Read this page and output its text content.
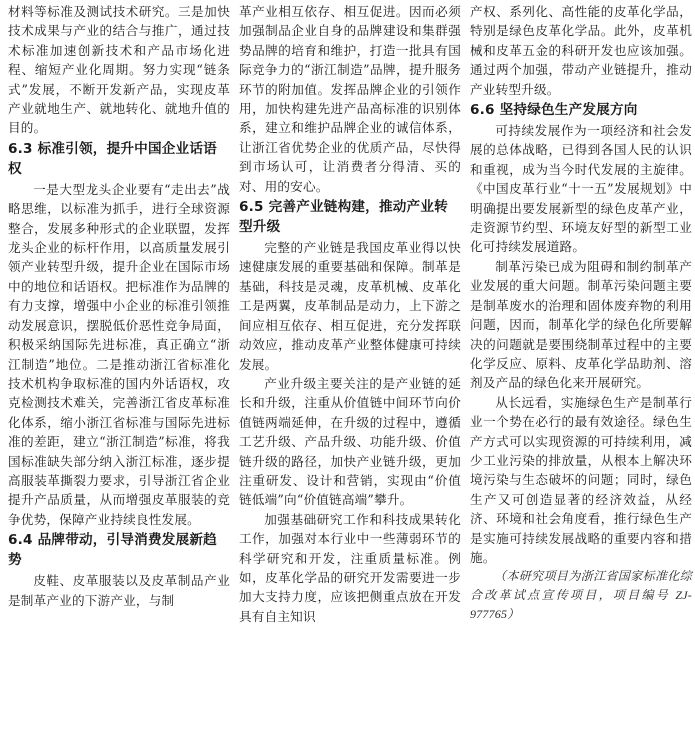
材料等标准及测试技术研究。三是加快技术成果与产业的结合与推广，通过技术标准加速创新技术和产品市场化进程、缩短产业化周期。努力实现“链条式”发展，不断开发新产品，实现皮革产业就地生产、就地转化、就地升值的目的。

6.3 标准引领，提升中国企业话语权

一是大型龙头企业要有“走出去”战略思维，以标准为抓手，进行全球资源整合，发展多种形式的企业联盟，发挥龙头企业的标杆作用，以高质量发展引领产业转型升级，提升企业在国际市场中的地位和话语权。把标准作为品牌的有力支撑，增强中小企业的标准引领推动发展意识，摆脱低价恶性竞争局面，积极采纳国际先进标准，真正确立“浙江制造”地位。二是推动浙江省标准化技术机构争取标准的国内外话语权，攻克检测技术难关，完善浙江省皮革标准化体系，缩小浙江省标准与国际先进标准的差距，建立“浙江制造”标准，将我国标准缺失部分纳入浙江标准，逐步提高服装革撕裂力要求，引导浙江省企业提升产品质量，从而增强皮革服装的竞争优势，保障产业持续良性发展。

6.4 品牌带动，引导消费发展新趋势

皮鞋、皮革服装以及皮革制品产业是制革产业的下游产业，与制

革产业相互依存、相互促进。因而必须加强制品企业自身的品牌建设和集群强势品牌的培育和维护，打造一批具有国际竞争力的“浙江制造”品牌，提升服务环节的附加值。发挥品牌企业的引领作用，加快构建先进产品高标准的识别体系，建立和维护品牌企业的诚信体系，让浙江省优势企业的优质产品，尽快得到市场认可，让消费者分得清、买的对、用的安心。

6.5 完善产业链构建，推动产业转型升级

完整的产业链是我国皮革业得以快速健康发展的重要基础和保障。制革是基础，科技是灵魂，皮革机械、皮革化工是两翼，皮革制品是动力，上下游之间应相互依存、相互促进，充分发挥联动效应，推动皮革产业整体健康可持续发展。

产业升级主要关注的是产业链的延长和升级，注重从价值链中间环节向价值链两端延伸，在升级的过程中，遵循工艺升级、产品升级、功能升级、价值链升级的路径，加快产业链升级，更加注重研发、设计和营销，实现由“价值链低端”向“价值链高端”攀升。

加强基础研究工作和科技成果转化工作，加强对本行业中一些薄弱环节的科学研究和开发，注重质量标准。例如，皮革化学品的研究开发需要进一步加大支持力度，应该把侧重点放在开发具有自主知识

产权、系列化、高性能的皮革化学品，特别是绿色皮革化学品。此外，皮革机械和皮革五金的科研开发也应该加强。通过两个加强，带动产业链提升，推动产业转型升级。

6.6 坚持绿色生产发展方向

可持续发展作为一项经济和社会发展的总体战略，已得到各国人民的认识和重视，成为当今时代发展的主旋律。《中国皮革行业“十一五”发展规划》中明确提出要发展新型的绿色皮革产业，走资源节约型、环境友好型的新型工业化可持续发展道路。

制革污染已成为阻碍和制约制革产业发展的重大问题。制革污染问题主要是制革废水的治理和固体废弃物的利用问题，因而，制革化学的绿色化所要解决的问题就是要围绕制革过程中的主要化学反应、原料、皮革化学品助剂、溶剂及产品的绿色化来开展研究。

从长远看，实施绿色生产是制革行业一个势在必行的最有效途径。绿色生产方式可以实现资源的可持续利用，减少工业污染的排放量，从根本上解决环境污染与生态破坏的问题；同时，绿色生产又可创造显著的经济效益，从经济、环境和社会角度看，推行绿色生产是实施可持续发展战略的重要内容和措施。

（本研究项目为浙江省国家标准化综合改革试点宣传项目，项目编号 ZJ-977765）
